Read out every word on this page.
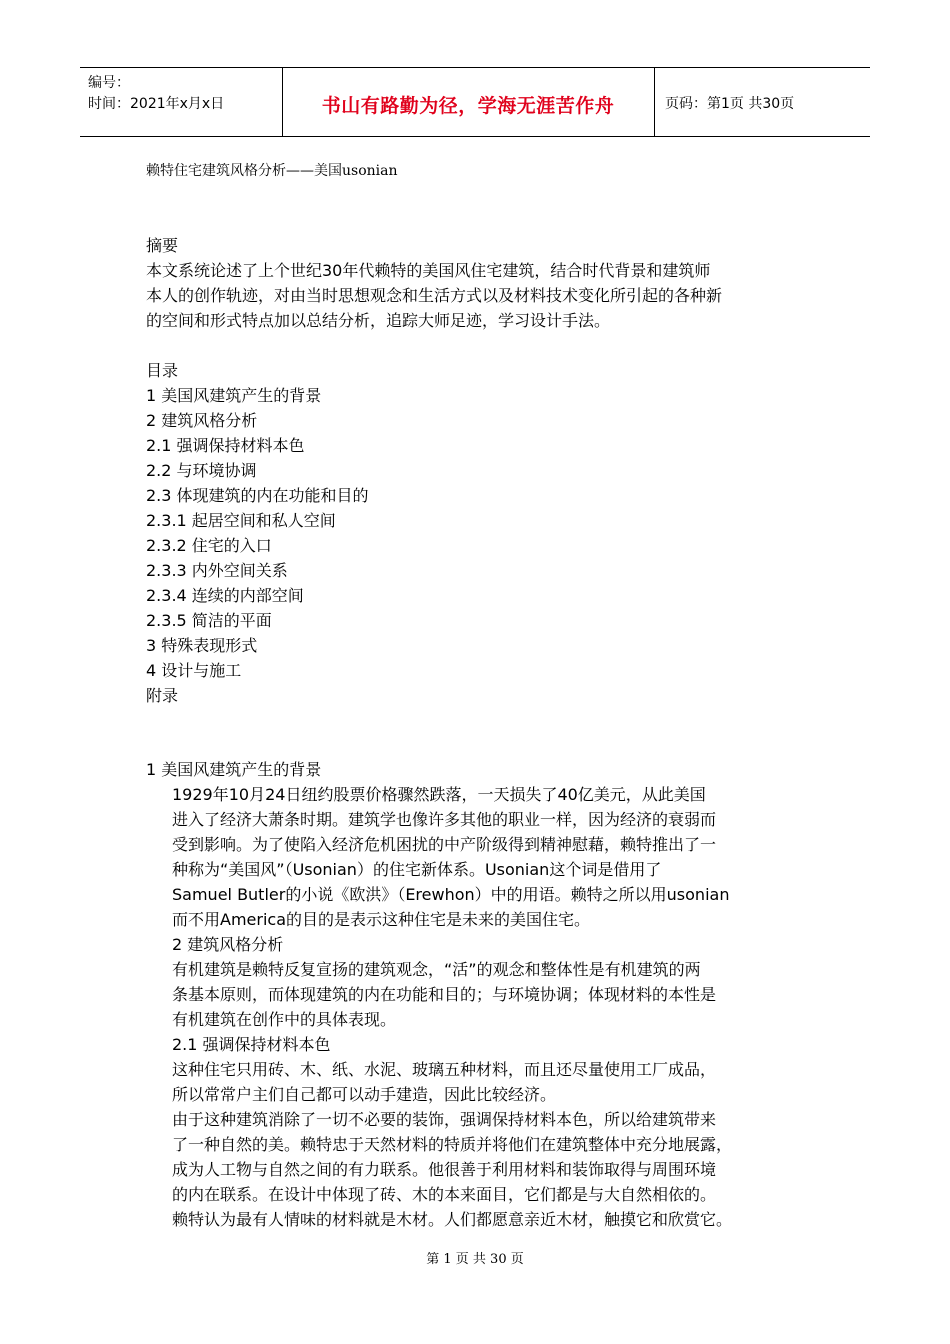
编号：
时间：2021年x月x日	书山有路勤为径，学海无涯苦作舟	页码：第1页 共30页
赖特住宅建筑风格分析——美国usonian
摘要
本文系统论述了上个世纪30年代赖特的美国风住宅建筑，结合时代背景和建筑师
本人的创作轨迹，对由当时思想观念和生活方式以及材料技术变化所引起的各种新
的空间和形式特点加以总结分析，追踪大师足迹，学习设计手法。
目录
1 美国风建筑产生的背景
2 建筑风格分析
2.1 强调保持材料本色
2.2 与环境协调
2.3 体现建筑的内在功能和目的
2.3.1 起居空间和私人空间
2.3.2 住宅的入口
2.3.3 内外空间关系
2.3.4 连续的内部空间
2.3.5 简洁的平面
3 特殊表现形式
4 设计与施工
附录
1 美国风建筑产生的背景
1929年10月24日纽约股票价格骤然跌落，一天损失了40亿美元，从此美国
进入了经济大萧条时期。建筑学也像许多其他的职业一样，因为经济的衰弱而
受到影响。为了使陷入经济危机困扰的中产阶级得到精神慰藉，赖特推出了一
种称为“美国风”（Usonian）的住宅新体系。Usonian这个词是借用了
Samuel Butler的小说《欧洪》（Erewhon）中的用语。赖特之所以用usonian
而不用America的目的是表示这种住宅是未来的美国住宅。
2 建筑风格分析
有机建筑是赖特反复宣扬的建筑观念，“活”的观念和整体性是有机建筑的两
条基本原则，而体现建筑的内在功能和目的；与环境协调；体现材料的本性是
有机建筑在创作中的具体表现。
2.1 强调保持材料本色
这种住宅只用砖、木、纸、水泥、玻璃五种材料，而且还尽量使用工厂成品，
所以常常户主们自己都可以动手建造，因此比较经济。
由于这种建筑消除了一切不必要的装饰，强调保持材料本色，所以给建筑带来
了一种自然的美。赖特忠于天然材料的特质并将他们在建筑整体中充分地展露，
成为人工物与自然之间的有力联系。他很善于利用材料和装饰取得与周围环境
的内在联系。在设计中体现了砖、木的本来面目，它们都是与大自然相依的。
赖特认为最有人情味的材料就是木材。人们都愿意亲近木材，触摸它和欣赏它。
第 1 页 共 30 页
